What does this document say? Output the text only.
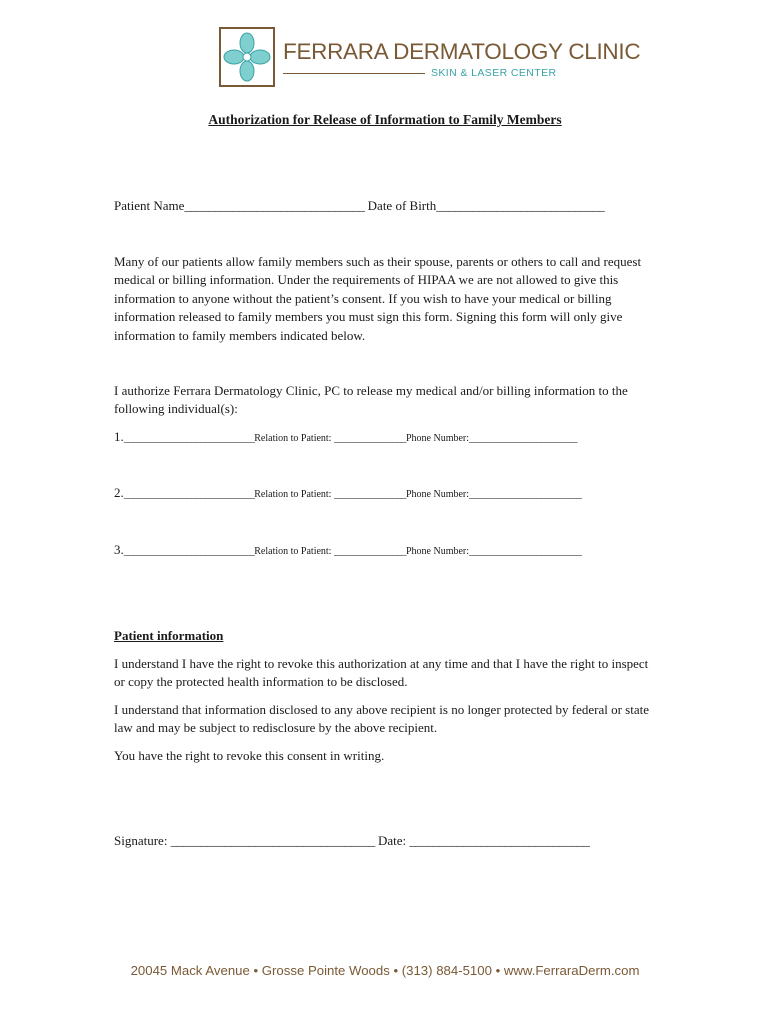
FERRARA DERMATOLOGY CLINIC
SKIN & LASER CENTER
Authorization for Release of Information to Family Members
Patient Name______________________________ Date of Birth____________________________
Many of our patients allow family members such as their spouse, parents or others to call and request medical or billing information. Under the requirements of HIPAA we are not allowed to give this information to anyone without the patient’s consent. If you wish to have your medical or billing information released to family members you must sign this form. Signing this form will only give information to family members indicated below.
I authorize Ferrara Dermatology Clinic, PC to release my medical and/or billing information to the following individual(s):
1._____________________________Relation to Patient: ________________Phone Number:________________________
2._____________________________Relation to Patient: ________________Phone Number:_________________________
3._____________________________Relation to Patient: ________________Phone Number:_________________________
Patient information
I understand I have the right to revoke this authorization at any time and that I have the right to inspect or copy the protected health information to be disclosed.
I understand that information disclosed to any above recipient is no longer protected by federal or state law and may be subject to redisclosure by the above recipient.
You have the right to revoke this consent in writing.
Signature: __________________________________ Date: ______________________________
20045 Mack Avenue • Grosse Pointe Woods • (313) 884-5100 • www.FerraraDerm.com
